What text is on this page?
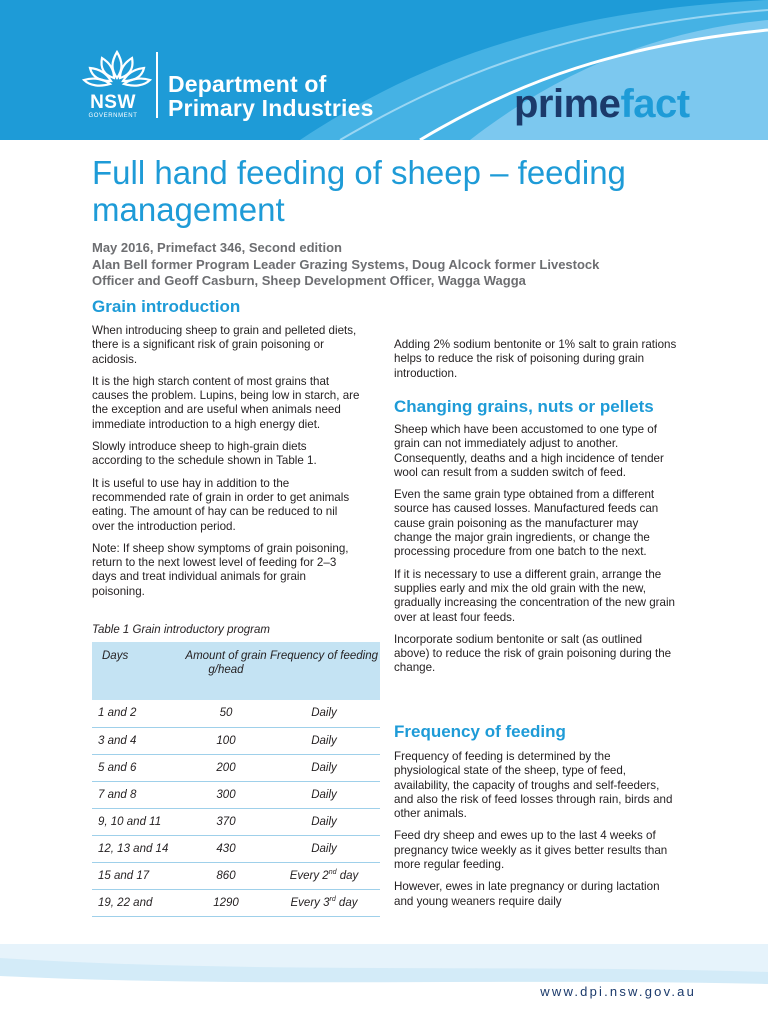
NSW
GOVERNMENT
Department of
Primary Industries	primefact
Full hand feeding of sheep – feeding management
May 2016, Primefact 346, Second edition
Alan Bell former Program Leader Grazing Systems, Doug Alcock former Livestock
Officer and Geoff Casburn, Sheep Development Officer, Wagga Wagga
Grain introduction

When introducing sheep to grain and pelleted diets, there is a significant risk of grain poisoning or acidosis.

It is the high starch content of most grains that causes the problem. Lupins, being low in starch, are the exception and are useful when animals need immediate introduction to a high energy diet.

Slowly introduce sheep to high-grain diets according to the schedule shown in Table 1.

It is useful to use hay in addition to the recommended rate of grain in order to get animals eating. The amount of hay can be reduced to nil over the introduction period.

Note: If sheep show symptoms of grain poisoning, return to the next lowest level of feeding for 2–3 days and treat individual animals for grain poisoning.

Table 1 Grain introductory program
Days	Amount of grain g/head	Frequency of feeding
1 and 2	50	Daily
3 and 4	100	Daily
5 and 6	200	Daily
7 and 8	300	Daily
9, 10 and 11	370	Daily
12, 13 and 14	430	Daily
15 and 17	860	Every 2nd day
19, 22 and	1290	Every 3rd day

Adding 2% sodium bentonite or 1% salt to grain rations helps to reduce the risk of poisoning during grain introduction.

Changing grains, nuts or pellets

Sheep which have been accustomed to one type of grain can not immediately adjust to another. Consequently, deaths and a high incidence of tender wool can result from a sudden switch of feed.

Even the same grain type obtained from a different source has caused losses. Manufactured feeds can cause grain poisoning as the manufacturer may change the major grain ingredients, or change the processing procedure from one batch to the next.

If it is necessary to use a different grain, arrange the supplies early and mix the old grain with the new, gradually increasing the concentration of the new grain over at least four feeds.

Incorporate sodium bentonite or salt (as outlined above) to reduce the risk of grain poisoning during the change.

Frequency of feeding

Frequency of feeding is determined by the physiological state of the sheep, type of feed, availability, the capacity of troughs and self-feeders, and also the risk of feed losses through rain, birds and other animals.

Feed dry sheep and ewes up to the last 4 weeks of pregnancy twice weekly as it gives better results than more regular feeding.

However, ewes in late pregnancy or during lactation and young weaners require daily

www.dpi.nsw.gov.au
